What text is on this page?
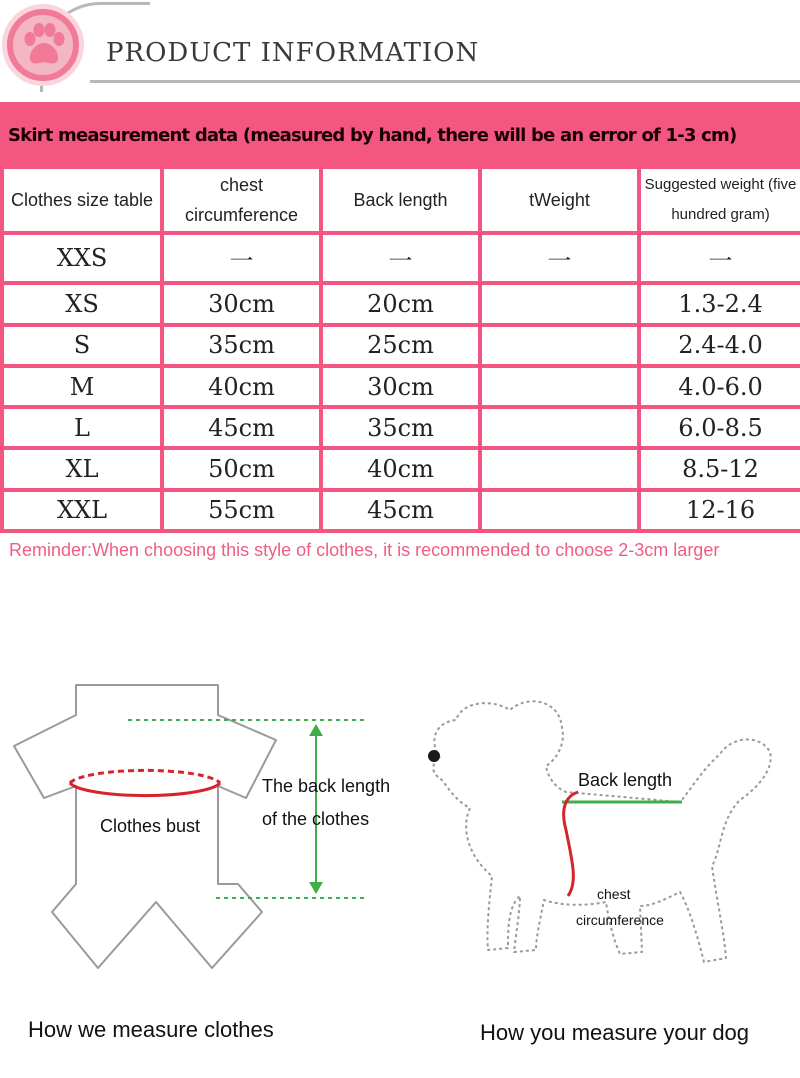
PRODUCT INFORMATION
Skirt measurement data (measured by hand, there will be an error of 1-3 cm)				
Clothes size table	chest circumference	Back length	tWeight	Suggested weight (five hundred gram)
XXS	一	一	一	一
XS	30cm	20cm		1.3-2.4
S	35cm	25cm		2.4-4.0
M	40cm	30cm		4.0-6.0
L	45cm	35cm		6.0-8.5
XL	50cm	40cm		8.5-12
XXL	55cm	45cm		12-16
Reminder:When choosing this style of clothes, it is recommended to choose 2-3cm larger
Clothes bust
The back length
of the clothes
Back length
chest
circumference
How we measure clothes	How you measure your dog
